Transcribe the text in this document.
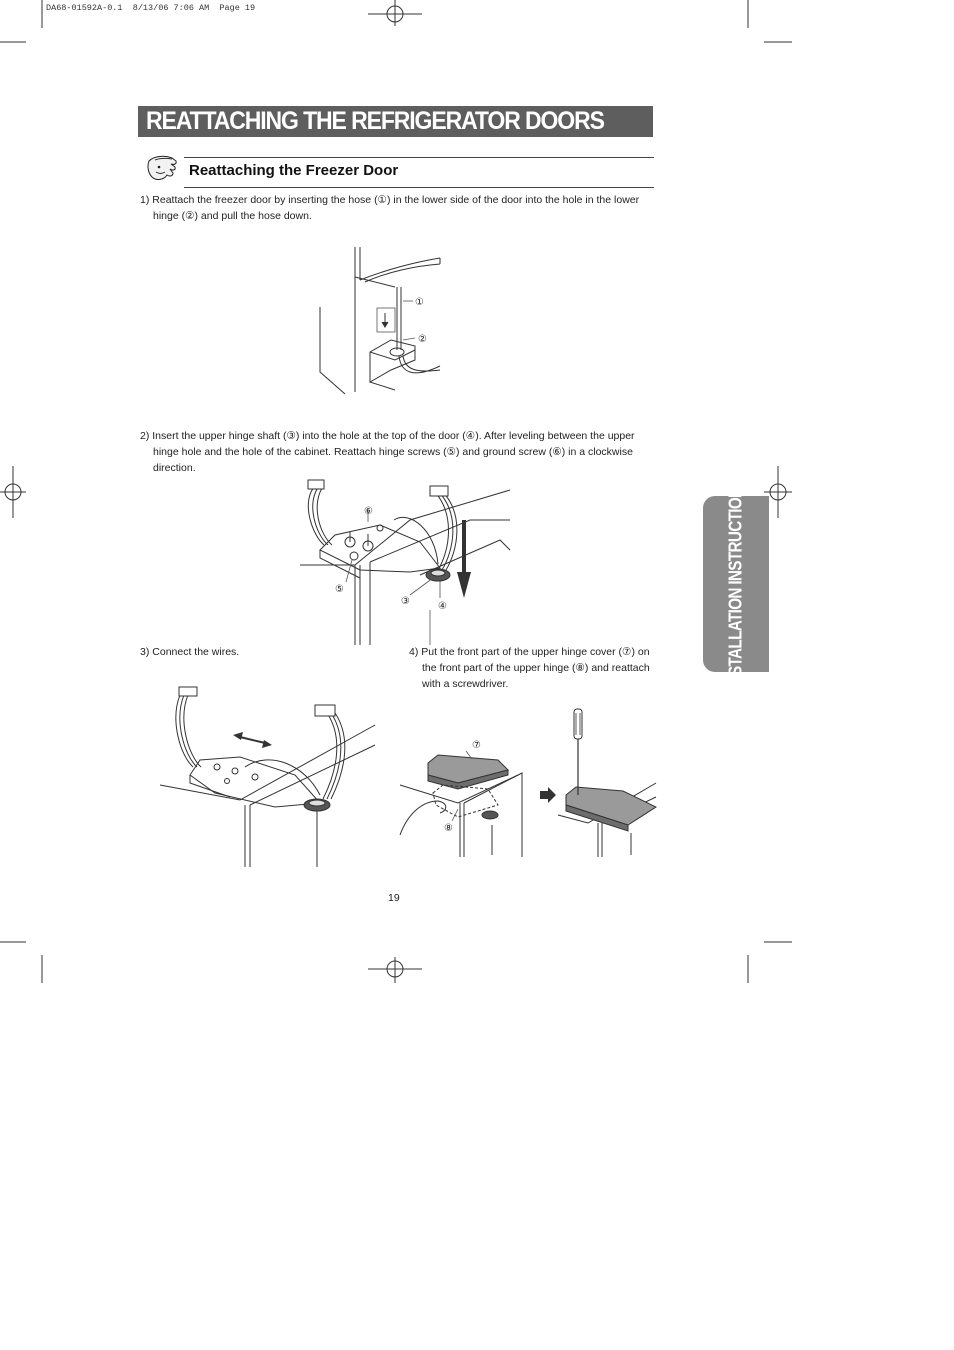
DA68-01592A-0.1  8/13/06 7:06 AM  Page 19
REATTACHING THE REFRIGERATOR DOORS
Reattaching the Freezer Door
1) Reattach the freezer door by inserting the hose (①) in the lower side of the door into the hole in the lower hinge (②) and pull the hose down.
①
②
2) Insert the upper hinge shaft (③) into the hole at the top of the door (④). After leveling between the upper hinge hole and the hole of the cabinet. Reattach hinge screws (⑤) and ground screw (⑥) in a clockwise direction.
⑥
⑤
③	④
3) Connect the wires.	4) Put the front part of the upper hinge cover (⑦) on the front part of the upper hinge (⑧) and reattach with a screwdriver.
⑦
⑧
INSTALLATION INSTRUCTIONS
19
